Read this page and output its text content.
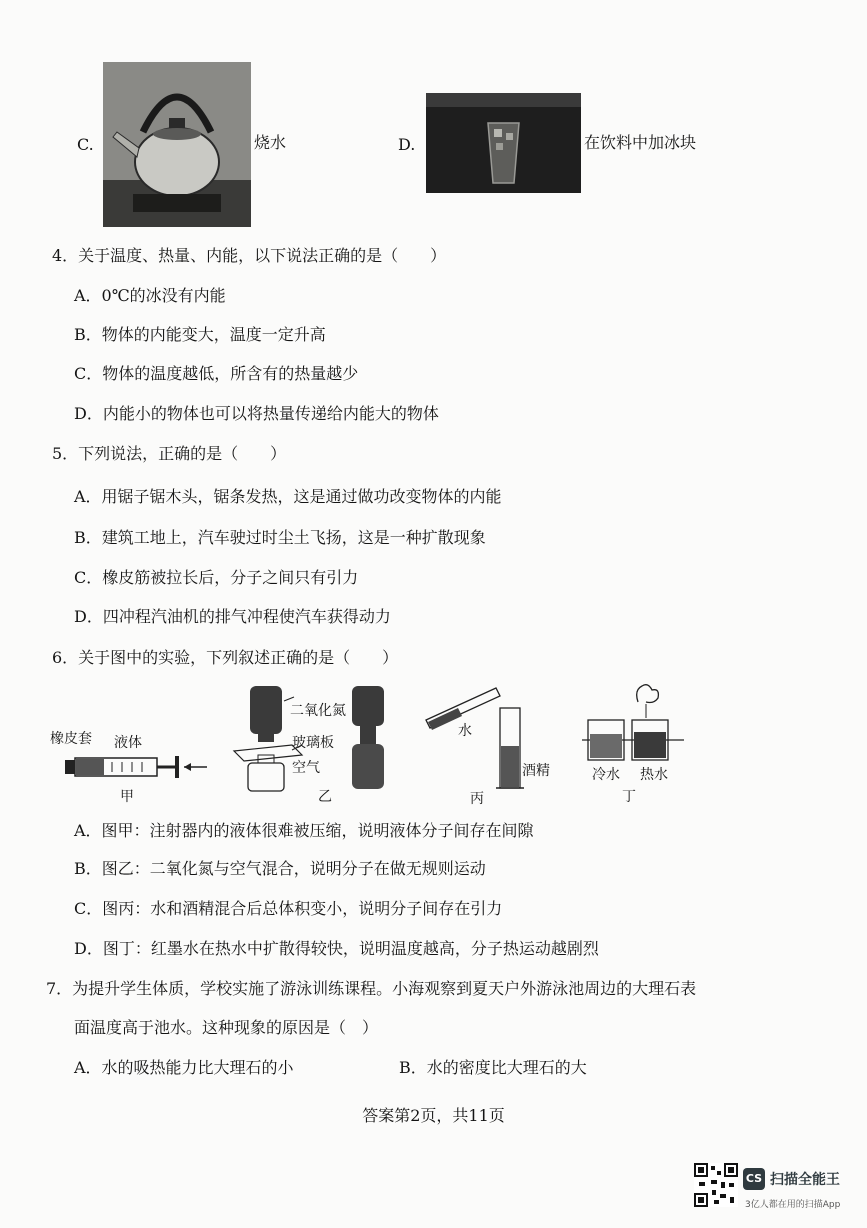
C.	烧水	D.	在饮料中加冰块
4．关于温度、热量、内能，以下说法正确的是（　　）
A．0℃的冰没有内能
B．物体的内能变大，温度一定升高
C．物体的温度越低，所含有的热量越少
D．内能小的物体也可以将热量传递给内能大的物体
5．下列说法，正确的是（　　）
A．用锯子锯木头，锯条发热，这是通过做功改变物体的内能
B．建筑工地上，汽车驶过时尘土飞扬，这是一种扩散现象
C．橡皮筋被拉长后，分子之间只有引力
D．四冲程汽油机的排气冲程使汽车获得动力
6．关于图中的实验，下列叙述正确的是（　　）
橡皮套 液体
甲
二氧化氮
玻璃板
空气
乙
水
酒精
丙
冷水 热水
丁
A．图甲：注射器内的液体很难被压缩，说明液体分子间存在间隙
B．图乙：二氧化氮与空气混合，说明分子在做无规则运动
C．图丙：水和酒精混合后总体积变小，说明分子间存在引力
D．图丁：红墨水在热水中扩散得较快，说明温度越高，分子热运动越剧烈
7．为提升学生体质，学校实施了游泳训练课程。小海观察到夏天户外游泳池周边的大理石表
面温度高于池水。这种现象的原因是（　）
A．水的吸热能力比大理石的小	B．水的密度比大理石的大
答案第2页，共11页
CS 扫描全能王
3亿人都在用的扫描App
